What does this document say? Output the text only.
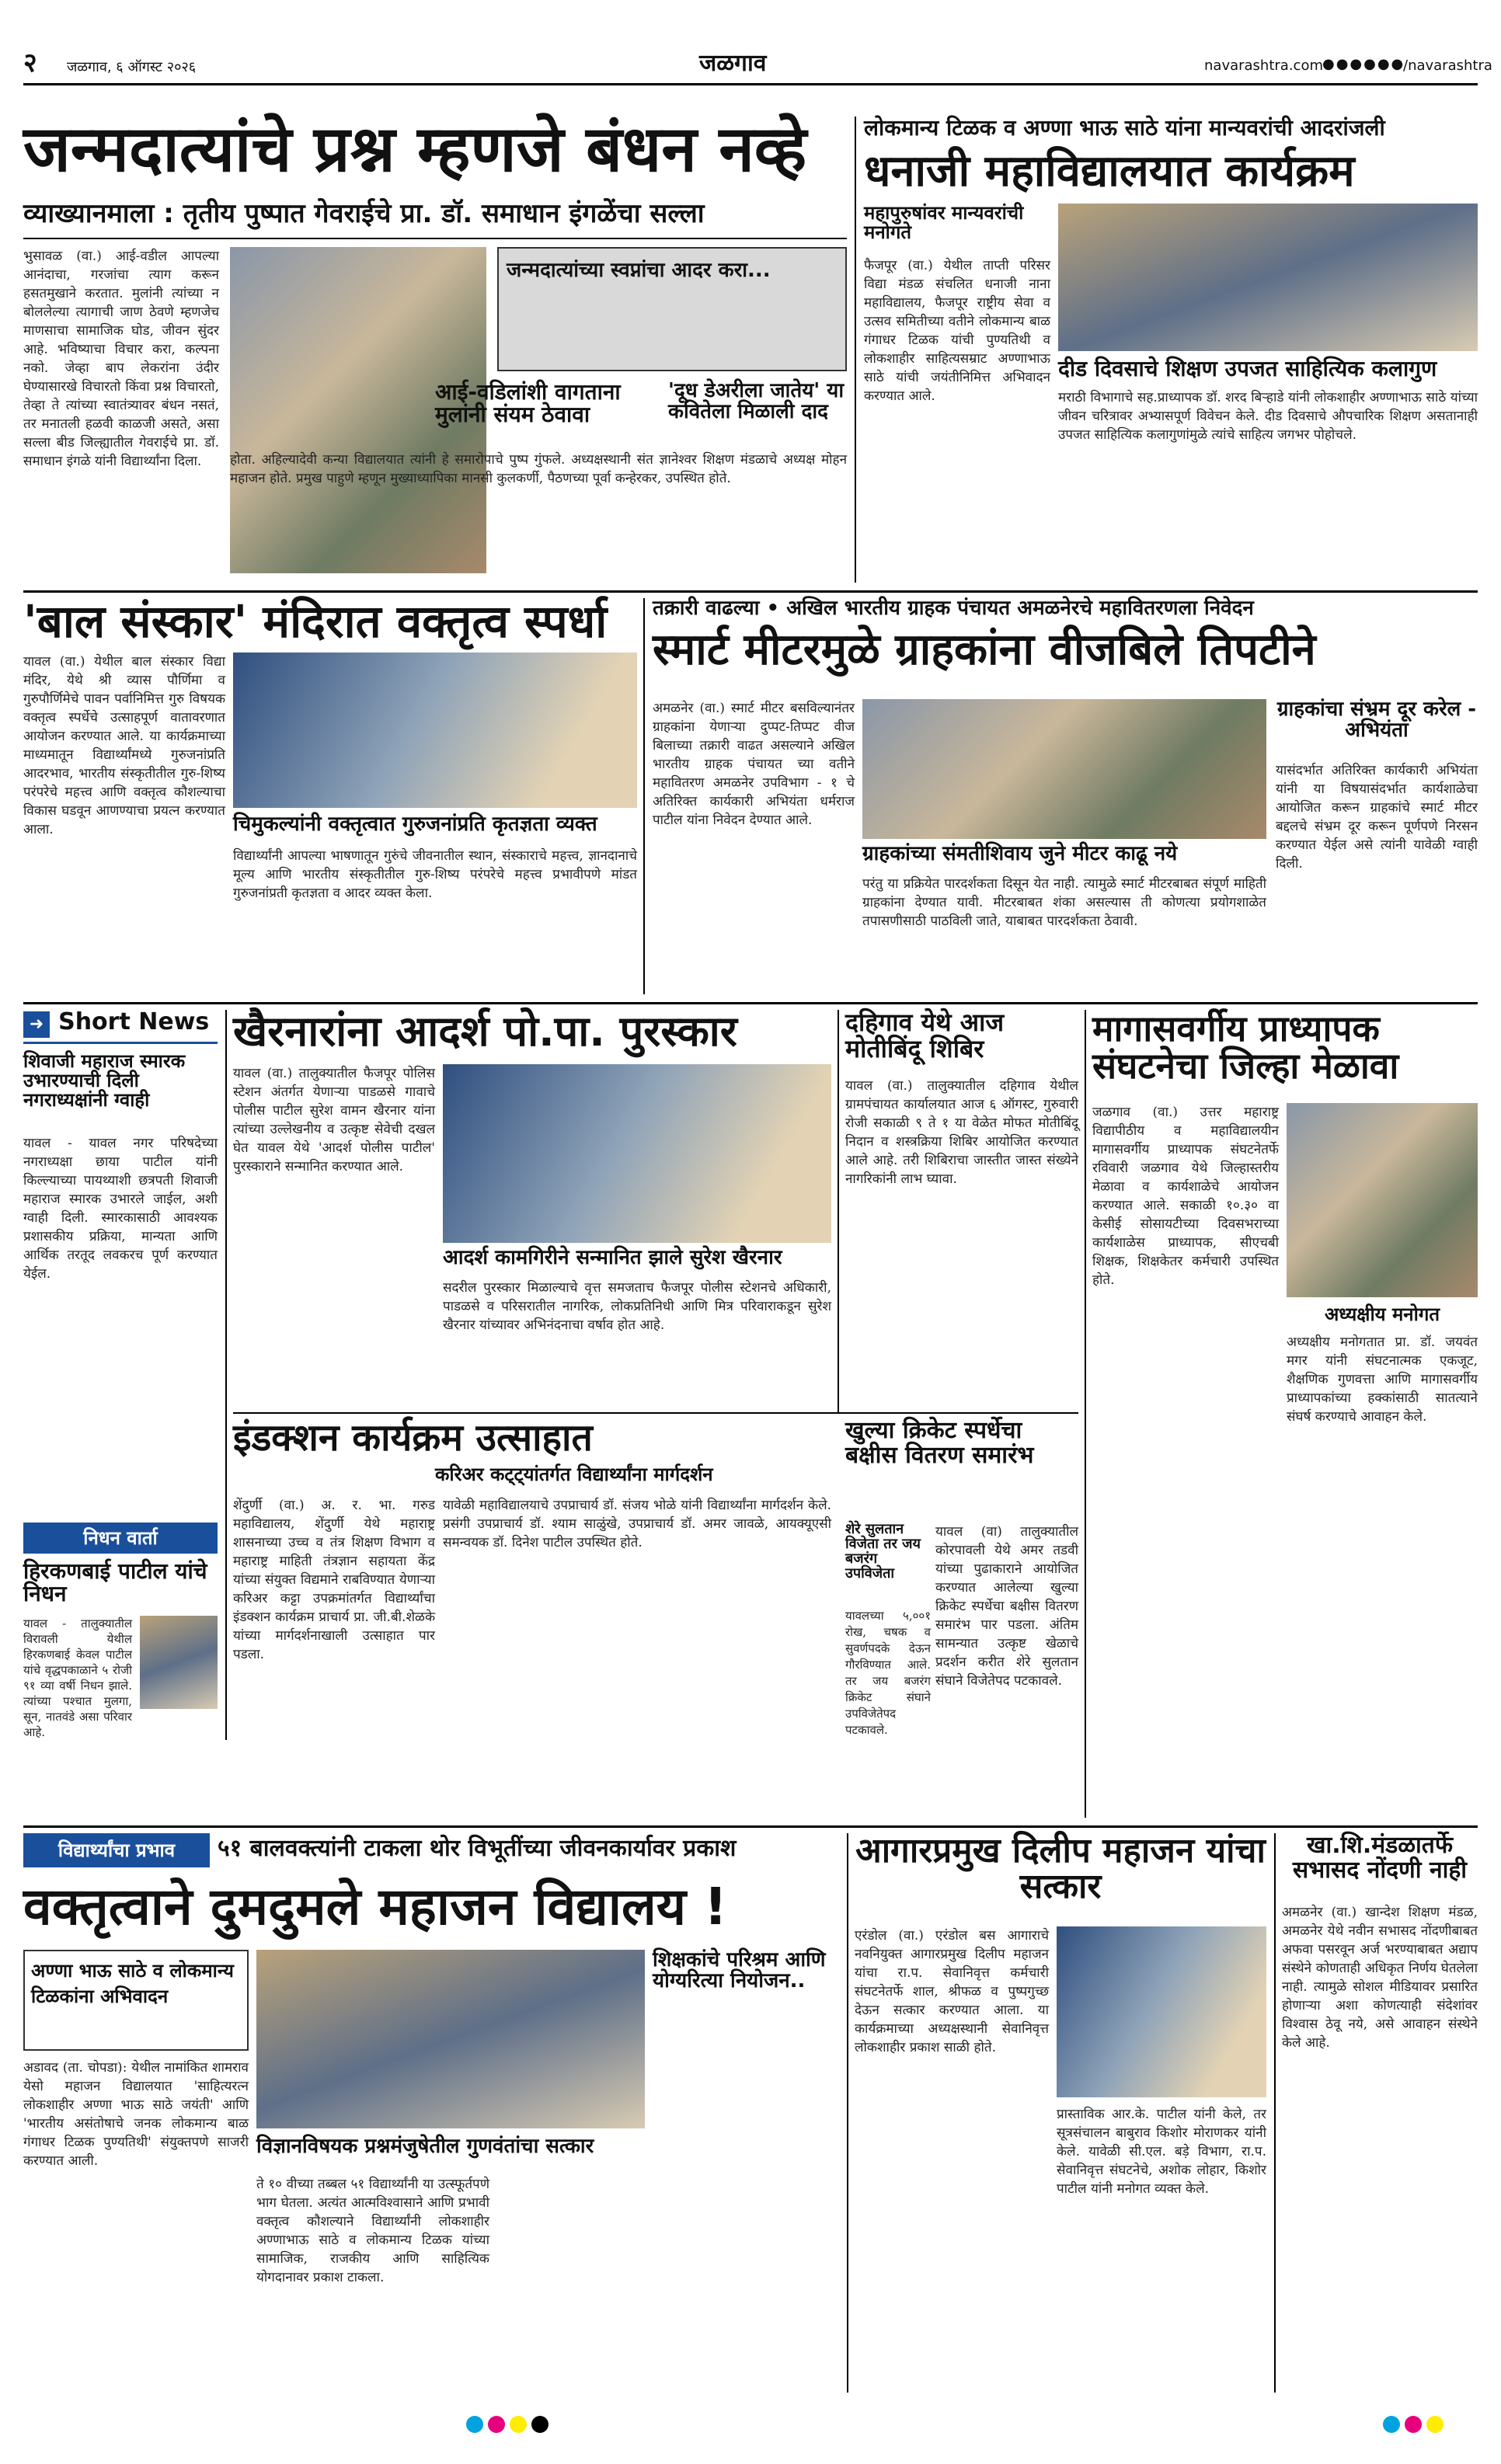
२ जळगाव, ६ ऑगस्ट २०२६	जळगाव	navarashtra.com ●●●●●●
/navarashtra
जन्मदात्यांचे प्रश्न म्हणजे बंधन नव्हे
व्याख्यानमाला : तृतीय पुष्पात गेवराईचे प्रा. डॉ. समाधान इंगळेंचा सल्ला
भुसावळ (वा.) आई-वडील आपल्या आनंदाचा, गरजांचा त्याग करून हसतमुखाने करतात. मुलांनी त्यांच्या न बोललेल्या त्यागाची जाण ठेवणे म्हणजेच माणसाचा सामाजिक घोड, जीवन सुंदर आहे. भविष्याचा विचार करा, कल्पना नको. जेव्हा बाप लेकरांना उंदीर घेण्यासारखे विचारतो किंवा प्रश्न विचारतो, तेव्हा ते त्यांच्या स्वातंत्र्यावर बंधन नसतं, तर मनातली हळवी काळजी असते, असा सल्ला बीड जिल्ह्यातील गेवराईचे प्रा. डॉ. समाधान इंगळे यांनी विद्यार्थ्यांना दिला.
जन्मदात्यांच्या स्वप्नांचा आदर करा...
आई-वडिलांशी वागताना मुलांनी संयम ठेवावा
'दूध डेअरीला जातेय' या कवितेला मिळाली दाद
होता. अहिल्यादेवी कन्या विद्यालयात त्यांनी हे समारोपाचे पुष्प गुंफले. अध्यक्षस्थानी संत ज्ञानेश्वर शिक्षण मंडळाचे अध्यक्ष मोहन महाजन होते. प्रमुख पाहुणे म्हणून मुख्याध्यापिका मानसी कुलकर्णी, पैठणच्या पूर्वा कन्हेरकर, उपस्थित होते.
लोकमान्य टिळक व अण्णा भाऊ साठे यांना मान्यवरांची आदरांजली
धनाजी महाविद्यालयात कार्यक्रम
महापुरुषांवर मान्यवरांची मनोगते
फैजपूर (वा.) येथील ताप्ती परिसर विद्या मंडळ संचलित धनाजी नाना महाविद्यालय, फैजपूर राष्ट्रीय सेवा व उत्सव समितीच्या वतीने लोकमान्य बाळ गंगाधर टिळक यांची पुण्यतिथी व लोकशाहीर साहित्यसम्राट अण्णाभाऊ साठे यांची जयंतीनिमित्त अभिवादन करण्यात आले.
दीड दिवसाचे शिक्षण उपजत साहित्यिक कलागुण
मराठी विभागाचे सह.प्राध्यापक डॉ. शरद बिऱ्हाडे यांनी लोकशाहीर अण्णाभाऊ साठे यांच्या जीवन चरित्रावर अभ्यासपूर्ण विवेचन केले. दीड दिवसाचे औपचारिक शिक्षण असतानाही उपजत साहित्यिक कलागुणांमुळे त्यांचे साहित्य जगभर पोहोचले.
'बाल संस्कार' मंदिरात वक्तृत्व स्पर्धा
यावल (वा.) येथील बाल संस्कार विद्या मंदिर, येथे श्री व्यास पौर्णिमा व गुरुपौर्णिमेचे पावन पर्वानिमित्त गुरु विषयक वक्तृत्व स्पर्धेचे उत्साहपूर्ण वातावरणात आयोजन करण्यात आले. या कार्यक्रमाच्या माध्यमातून विद्यार्थ्यांमध्ये गुरुजनांप्रति आदरभाव, भारतीय संस्कृतीतील गुरु-शिष्य परंपरेचे महत्त्व आणि वक्तृत्व कौशल्याचा विकास घडवून आणण्याचा प्रयत्न करण्यात आला.	चिमुकल्यांनी वक्तृत्वात गुरुजनांप्रति कृतज्ञता व्यक्त
विद्यार्थ्यांनी आपल्या भाषणातून गुरुंचे जीवनातील स्थान, संस्काराचे महत्त्व, ज्ञानदानाचे मूल्य आणि भारतीय संस्कृतीतील गुरु-शिष्य परंपरेचे महत्त्व प्रभावीपणे मांडत गुरुजनांप्रती कृतज्ञता व आदर व्यक्त केला.
तक्रारी वाढल्या • अखिल भारतीय ग्राहक पंचायत अमळनेरचे महावितरणला निवेदन
स्मार्ट मीटरमुळे ग्राहकांना वीजबिले तिपटीने
अमळनेर (वा.) स्मार्ट मीटर बसविल्यानंतर ग्राहकांना येणाऱ्या दुप्पट-तिप्पट वीज बिलाच्या तक्रारी वाढत असल्याने अखिल भारतीय ग्राहक पंचायत च्या वतीने महावितरण अमळनेर उपविभाग - १ चे अतिरिक्त कार्यकारी अभियंता धर्मराज पाटील यांना निवेदन देण्यात आले.
ग्राहकांच्या संमतीशिवाय जुने मीटर काढू नये
परंतु या प्रक्रियेत पारदर्शकता दिसून येत नाही. त्यामुळे स्मार्ट मीटरबाबत संपूर्ण माहिती ग्राहकांना देण्यात यावी. मीटरबाबत शंका असल्यास ती कोणत्या प्रयोगशाळेत तपासणीसाठी पाठविली जाते, याबाबत पारदर्शकता ठेवावी.
ग्राहकांचा संभ्रम दूर करेल - अभियंता
यासंदर्भात अतिरिक्त कार्यकारी अभियंता यांनी या विषयासंदर्भात कार्यशाळेचा आयोजित करून ग्राहकांचे स्मार्ट मीटर बद्दलचे संभ्रम दूर करून पूर्णपणे निरसन करण्यात येईल असे त्यांनी यावेळी ग्वाही दिली.
➜ Short News
शिवाजी महाराज स्मारक उभारण्याची दिली नगराध्यक्षांनी ग्वाही
यावल - यावल नगर परिषदेच्या नगराध्यक्षा छाया पाटील यांनी किल्ल्याच्या पायथ्याशी छत्रपती शिवाजी महाराज स्मारक उभारले जाईल, अशी ग्वाही दिली. स्मारकासाठी आवश्यक प्रशासकीय प्रक्रिया, मान्यता आणि आर्थिक तरतूद लवकरच पूर्ण करण्यात येईल.
निधन वार्ता
हिरकणबाई पाटील यांचे निधन
यावल - तालुक्यातील विरावली येथील हिरकणबाई केवल पाटील यांचे वृद्धपकाळाने ५ रोजी ९१ व्या वर्षी निधन झाले. त्यांच्या पश्चात मुलगा, सून, नातवंडे असा परिवार आहे.
खैरनारांना आदर्श पो.पा. पुरस्कार
यावल (वा.) तालुक्यातील फैजपूर पोलिस स्टेशन अंतर्गत येणाऱ्या पाडळसे गावाचे पोलीस पाटील सुरेश वामन खैरनार यांना त्यांच्या उल्लेखनीय व उत्कृष्ट सेवेची दखल घेत यावल येथे 'आदर्श पोलीस पाटील' पुरस्काराने सन्मानित करण्यात आले.
आदर्श कामगिरीने सन्मानित झाले सुरेश खैरनार
सदरील पुरस्कार मिळाल्याचे वृत्त समजताच फैजपूर पोलीस स्टेशनचे अधिकारी, पाडळसे व परिसरातील नागरिक, लोकप्रतिनिधी आणि मित्र परिवाराकडून सुरेश खैरनार यांच्यावर अभिनंदनाचा वर्षाव होत आहे.
दहिगाव येथे आज मोतीबिंदू शिबिर
यावल (वा.) तालुक्यातील दहिगाव येथील ग्रामपंचायत कार्यालयात आज ६ ऑगस्ट, गुरुवारी रोजी सकाळी ९ ते १ या वेळेत मोफत मोतीबिंदू निदान व शस्त्रक्रिया शिबिर आयोजित करण्यात आले आहे. तरी शिबिराचा जास्तीत जास्त संख्येने नागरिकांनी लाभ घ्यावा.
मागासवर्गीय प्राध्यापक संघटनेचा जिल्हा मेळावा
जळगाव (वा.) उत्तर महाराष्ट्र विद्यापीठीय व महाविद्यालयीन मागासवर्गीय प्राध्यापक संघटनेतर्फे रविवारी जळगाव येथे जिल्हास्तरीय मेळावा व कार्यशाळेचे आयोजन करण्यात आले. सकाळी १०.३० वा केसीई सोसायटीच्या दिवसभराच्या कार्यशाळेस प्राध्यापक, सीएचबी शिक्षक, शिक्षकेतर कर्मचारी उपस्थित होते.
अध्यक्षीय मनोगत
अध्यक्षीय मनोगतात प्रा. डॉ. जयवंत मगर यांनी संघटनात्मक एकजूट, शैक्षणिक गुणवत्ता आणि मागासवर्गीय प्राध्यापकांच्या हक्कांसाठी सातत्याने संघर्ष करण्याचे आवाहन केले.
इंडक्शन कार्यक्रम उत्साहात
करिअर कट्ट्यांतर्गत विद्यार्थ्यांना मार्गदर्शन
शेंदुर्णी (वा.) अ. र. भा. गरुड महाविद्यालय, शेंदुर्णी येथे महाराष्ट्र शासनाच्या उच्च व तंत्र शिक्षण विभाग व महाराष्ट्र माहिती तंत्रज्ञान सहायता केंद्र यांच्या संयुक्त विद्यमाने राबविण्यात येणाऱ्या करिअर कट्टा उपक्रमांतर्गत विद्यार्थ्यांचा इंडक्शन कार्यक्रम प्राचार्य प्रा. जी.बी.शेळके यांच्या मार्गदर्शनाखाली उत्साहात पार पडला.
यावेळी महाविद्यालयाचे उपप्राचार्य डॉ. संजय भोळे यांनी विद्यार्थ्यांना मार्गदर्शन केले. प्रसंगी उपप्राचार्य डॉ. श्याम साळुंखे, उपप्राचार्य डॉ. अमर जावळे, आयक्यूएसी समन्वयक डॉ. दिनेश पाटील उपस्थित होते.
खुल्या क्रिकेट स्पर्धेचा बक्षीस वितरण समारंभ
शेरे सुलतान विजेता तर जय बजरंग उपविजेता
यावल (वा) तालुक्यातील कोरपावली येथे अमर तडवी यांच्या पुढाकाराने आयोजित करण्यात आलेल्या खुल्या क्रिकेट स्पर्धेचा बक्षीस वितरण समारंभ पार पडला. अंतिम सामन्यात उत्कृष्ट खेळाचे प्रदर्शन करीत शेरे सुलतान संघाने विजेतेपद पटकावले.
यावलच्या ५,००१ रोख, चषक व सुवर्णपदके देऊन गौरविण्यात आले. तर जय बजरंग क्रिकेट संघाने उपविजेतेपद पटकावले.
विद्यार्थ्यांचा प्रभाव	५१ बालवक्त्यांनी टाकला थोर विभूतींच्या जीवनकार्यावर प्रकाश
वक्तृत्वाने दुमदुमले महाजन विद्यालय !
अण्णा भाऊ साठे व लोकमान्य टिळकांना अभिवादन
शिक्षकांचे परिश्रम आणि योग्यरित्या नियोजन..
अडावद (ता. चोपडा): येथील नामांकित शामराव येसो महाजन विद्यालयात 'साहित्यरत्न लोकशाहीर अण्णा भाऊ साठे जयंती' आणि 'भारतीय असंतोषाचे जनक लोकमान्य बाळ गंगाधर टिळक पुण्यतिथी' संयुक्तपणे साजरी करण्यात आली.
विज्ञानविषयक प्रश्नमंजुषेतील गुणवंतांचा सत्कार
ते १० वीच्या तब्बल ५१ विद्यार्थ्यांनी या उत्स्फूर्तपणे भाग घेतला. अत्यंत आत्मविश्वासाने आणि प्रभावी वक्तृत्व कौशल्याने विद्यार्थ्यांनी लोकशाहीर अण्णाभाऊ साठे व लोकमान्य टिळक यांच्या सामाजिक, राजकीय आणि साहित्यिक योगदानावर प्रकाश टाकला.
आगारप्रमुख दिलीप महाजन यांचा सत्कार
एरंडोल (वा.) एरंडोल बस आगाराचे नवनियुक्त आगारप्रमुख दिलीप महाजन यांचा रा.प. सेवानिवृत्त कर्मचारी संघटनेतर्फे शाल, श्रीफळ व पुष्पगुच्छ देऊन सत्कार करण्यात आला. या कार्यक्रमाच्या अध्यक्षस्थानी सेवानिवृत्त लोकशाहीर प्रकाश साळी होते.
प्रास्ताविक आर.के. पाटील यांनी केले, तर सूत्रसंचालन बाबुराव किशोर मोराणकर यांनी केले. यावेळी सी.एल. बड़े विभाग, रा.प. सेवानिवृत्त संघटनेचे, अशोक लोहार, किशोर पाटील यांनी मनोगत व्यक्त केले.
खा.शि.मंडळातर्फे सभासद नोंदणी नाही
अमळनेर (वा.) खान्देश शिक्षण मंडळ, अमळनेर येथे नवीन सभासद नोंदणीबाबत अफवा पसरवून अर्ज भरण्याबाबत अद्याप संस्थेने कोणताही अधिकृत निर्णय घेतलेला नाही. त्यामुळे सोशल मीडियावर प्रसारित होणाऱ्या अशा कोणत्याही संदेशांवर विश्वास ठेवू नये, असे आवाहन संस्थेने केले आहे.
